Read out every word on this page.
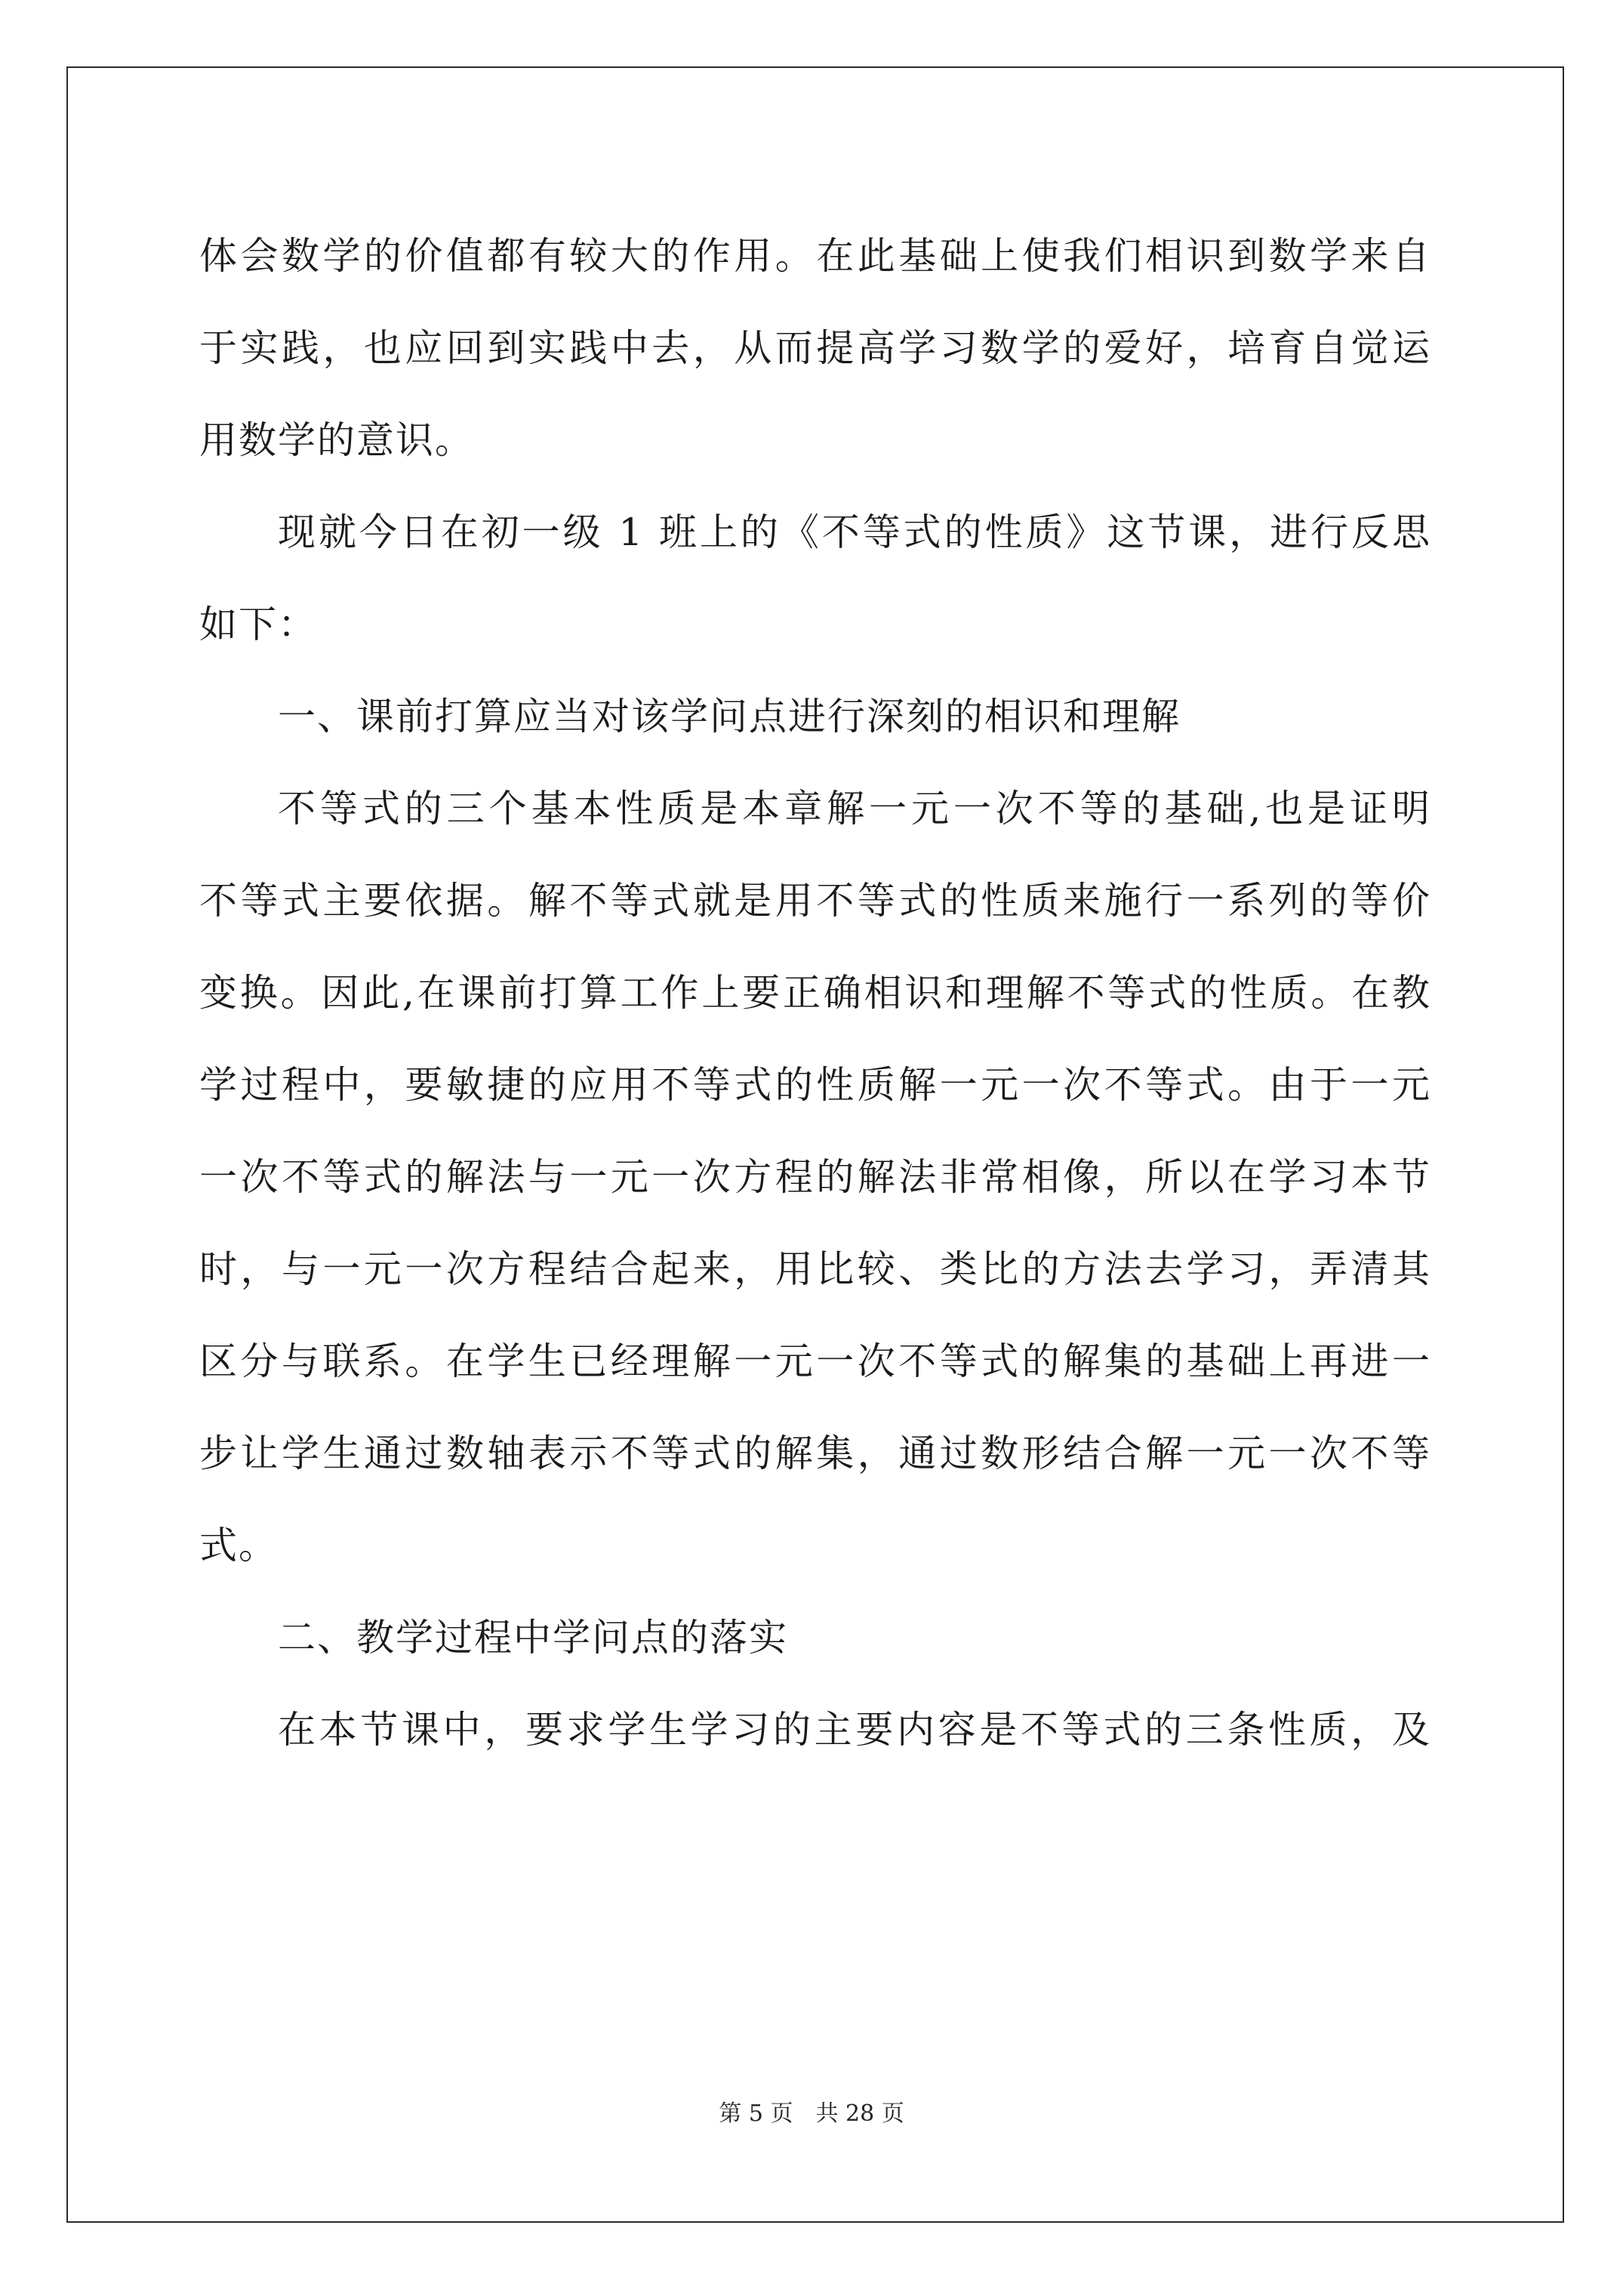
体会数学的价值都有较大的作用。在此基础上使我们相识到数学来自
于实践，也应回到实践中去，从而提高学习数学的爱好，培育自觉运
用数学的意识。
现就今日在初一级 1 班上的《不等式的性质》这节课，进行反思
如下：
一、课前打算应当对该学问点进行深刻的相识和理解
不等式的三个基本性质是本章解一元一次不等的基础,也是证明
不等式主要依据。解不等式就是用不等式的性质来施行一系列的等价
变换。因此,在课前打算工作上要正确相识和理解不等式的性质。在教
学过程中，要敏捷的应用不等式的性质解一元一次不等式。由于一元
一次不等式的解法与一元一次方程的解法非常相像，所以在学习本节
时，与一元一次方程结合起来，用比较、类比的方法去学习，弄清其
区分与联系。在学生已经理解一元一次不等式的解集的基础上再进一
步让学生通过数轴表示不等式的解集，通过数形结合解一元一次不等
式。
二、教学过程中学问点的落实
在本节课中，要求学生学习的主要内容是不等式的三条性质，及
第 5 页　共 28 页
